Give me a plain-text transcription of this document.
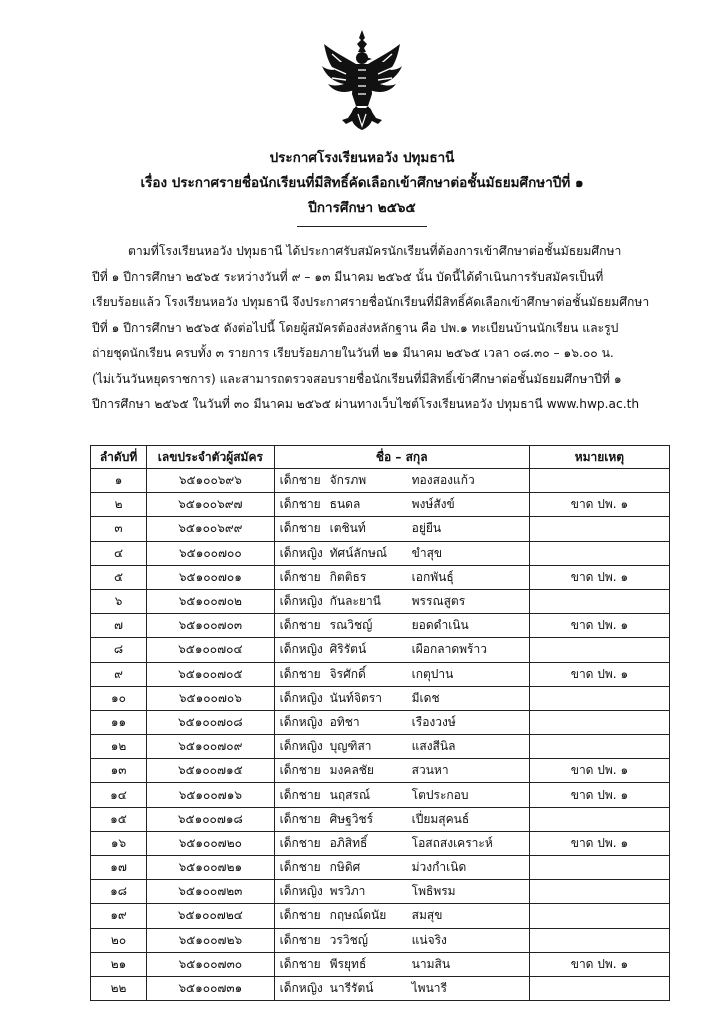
ประกาศโรงเรียนหอวัง ปทุมธานี
เรื่อง ประกาศรายชื่อนักเรียนที่มีสิทธิ์คัดเลือกเข้าศึกษาต่อชั้นมัธยมศึกษาปีที่ ๑
ปีการศึกษา ๒๕๖๕
ตามที่โรงเรียนหอวัง ปทุมธานี ได้ประกาศรับสมัครนักเรียนที่ต้องการเข้าศึกษาต่อชั้นมัธยมศึกษา
ปีที่ ๑ ปีการศึกษา ๒๕๖๕ ระหว่างวันที่ ๙ – ๑๓ มีนาคม ๒๕๖๕ นั้น บัดนี้ได้ดำเนินการรับสมัครเป็นที่
เรียบร้อยแล้ว โรงเรียนหอวัง ปทุมธานี จึงประกาศรายชื่อนักเรียนที่มีสิทธิ์คัดเลือกเข้าศึกษาต่อชั้นมัธยมศึกษา
ปีที่ ๑ ปีการศึกษา ๒๕๖๕ ดังต่อไปนี้ โดยผู้สมัครต้องส่งหลักฐาน คือ ปพ.๑ ทะเบียนบ้านนักเรียน และรูป
ถ่ายชุดนักเรียน ครบทั้ง ๓ รายการ เรียบร้อยภายในวันที่ ๒๑ มีนาคม ๒๕๖๕ เวลา ๐๘.๓๐ – ๑๖.๐๐ น.
(ไม่เว้นวันหยุดราชการ) และสามารถตรวจสอบรายชื่อนักเรียนที่มีสิทธิ์เข้าศึกษาต่อชั้นมัธยมศึกษาปีที่ ๑
ปีการศึกษา ๒๕๖๕ ในวันที่ ๓๐ มีนาคม ๒๕๖๕ ผ่านทางเว็บไซต์โรงเรียนหอวัง ปทุมธานี www.hwp.ac.th
ลำดับที่	เลขประจำตัวผู้สมัคร	ชื่อ – สกุล	หมายเหตุ
๑	๖๕๑๐๐๖๙๖	เด็กชาย จักรภพ ทองสองแก้ว	
๒	๖๕๑๐๐๖๙๗	เด็กชาย ธนดล พงษ์สังข์	ขาด ปพ. ๑
๓	๖๕๑๐๐๖๙๙	เด็กชาย เตชินท์ อยู่ยืน	
๔	๖๕๑๐๐๗๐๐	เด็กหญิง ทัศน์ลักษณ์ ขำสุข	
๕	๖๕๑๐๐๗๐๑	เด็กชาย กิตติธร เอกพันธุ์	ขาด ปพ. ๑
๖	๖๕๑๐๐๗๐๒	เด็กหญิง กันละยานี พรรณสูตร	
๗	๖๕๑๐๐๗๐๓	เด็กชาย รณวิชญ์ ยอดดำเนิน	ขาด ปพ. ๑
๘	๖๕๑๐๐๗๐๔	เด็กหญิง ศิริรัตน์ เผือกลาดพร้าว	
๙	๖๕๑๐๐๗๐๕	เด็กชาย จิรศักดิ์ เกตุปาน	ขาด ปพ. ๑
๑๐	๖๕๑๐๐๗๐๖	เด็กหญิง นันท์จิตรา มีเดช	
๑๑	๖๕๑๐๐๗๐๘	เด็กหญิง อทิชา เรืองวงษ์	
๑๒	๖๕๑๐๐๗๐๙	เด็กหญิง บุญฑิสา แสงสีนิล	
๑๓	๖๕๑๐๐๗๑๕	เด็กชาย มงคลชัย สวนหา	ขาด ปพ. ๑
๑๔	๖๕๑๐๐๗๑๖	เด็กชาย นฤสรณ์ โตประกอบ	ขาด ปพ. ๑
๑๕	๖๕๑๐๐๗๑๘	เด็กชาย ศิษฐวิชร์ เปี่ยมสุคนธ์	
๑๖	๖๕๑๐๐๗๒๐	เด็กชาย อภิสิทธิ์ โอสถสงเคราะห์	ขาด ปพ. ๑
๑๗	๖๕๑๐๐๗๒๑	เด็กชาย กษิดิศ ม่วงกำเนิด	
๑๘	๖๕๑๐๐๗๒๓	เด็กหญิง พรวิภา โพธิพรม	
๑๙	๖๕๑๐๐๗๒๔	เด็กชาย กฤษณ์ดนัย สมสุข	
๒๐	๖๕๑๐๐๗๒๖	เด็กชาย วรวิชญ์ แน่จริง	
๒๑	๖๕๑๐๐๗๓๐	เด็กชาย พีรยุทธ์ นามสิน	ขาด ปพ. ๑
๒๒	๖๕๑๐๐๗๓๑	เด็กหญิง นารีรัตน์ ไพนารี	
